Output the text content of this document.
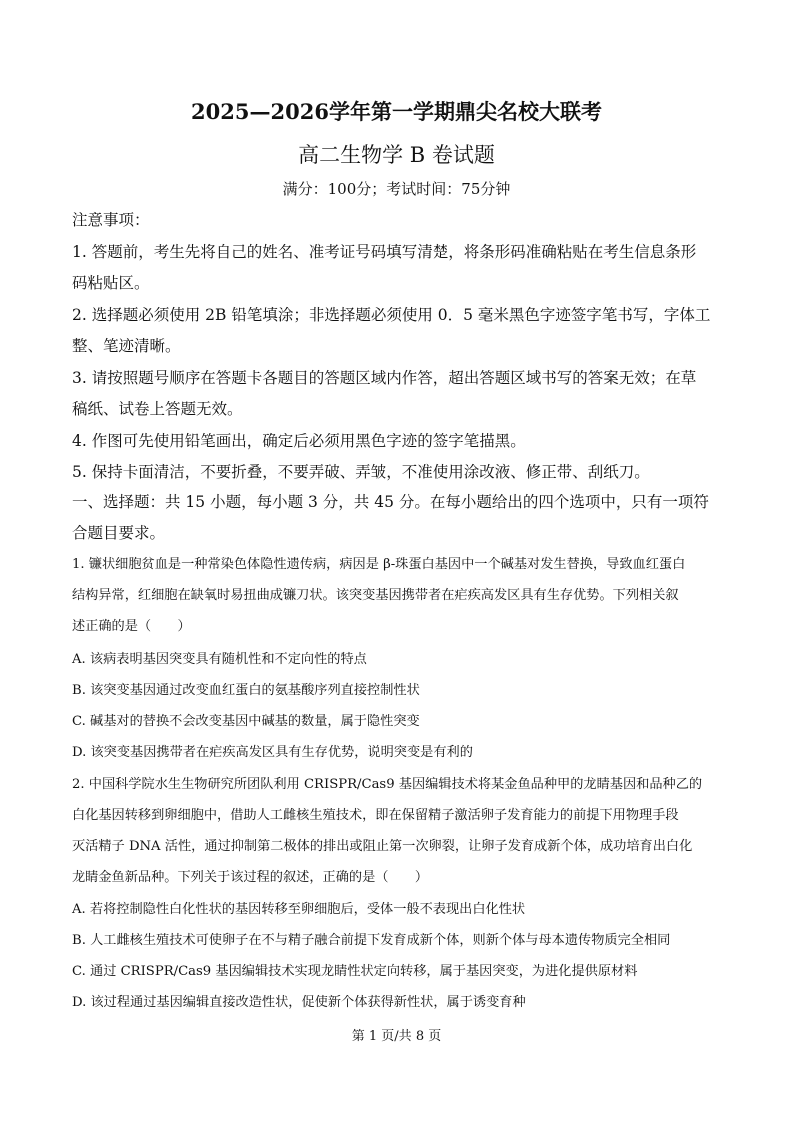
2025—2026学年第一学期鼎尖名校大联考
高二生物学 B 卷试题
满分：100分；考试时间：75分钟
注意事项：
1. 答题前，考生先将自己的姓名、准考证号码填写清楚，将条形码准确粘贴在考生信息条形
码粘贴区。
2. 选择题必须使用 2B 铅笔填涂；非选择题必须使用 0．5 毫米黑色字迹签字笔书写，字体工
整、笔迹清晰。
3. 请按照题号顺序在答题卡各题目的答题区域内作答，超出答题区域书写的答案无效；在草
稿纸、试卷上答题无效。
4. 作图可先使用铅笔画出，确定后必须用黑色字迹的签字笔描黑。
5. 保持卡面清洁，不要折叠，不要弄破、弄皱，不准使用涂改液、修正带、刮纸刀。
一、选择题：共 15 小题，每小题 3 分，共 45 分。在每小题给出的四个选项中，只有一项符
合题目要求。
1. 镰状细胞贫血是一种常染色体隐性遗传病，病因是 β-珠蛋白基因中一个碱基对发生替换，导致血红蛋白
结构异常，红细胞在缺氧时易扭曲成镰刀状。该突变基因携带者在疟疾高发区具有生存优势。下列相关叙
述正确的是（　　）
A. 该病表明基因突变具有随机性和不定向性的特点
B. 该突变基因通过改变血红蛋白的氨基酸序列直接控制性状
C. 碱基对的替换不会改变基因中碱基的数量，属于隐性突变
D. 该突变基因携带者在疟疾高发区具有生存优势，说明突变是有利的
2. 中国科学院水生生物研究所团队利用 CRISPR/Cas9 基因编辑技术将某金鱼品种甲的龙睛基因和品种乙的
白化基因转移到卵细胞中，借助人工雌核生殖技术，即在保留精子激活卵子发育能力的前提下用物理手段
灭活精子 DNA 活性，通过抑制第二极体的排出或阻止第一次卵裂，让卵子发育成新个体，成功培育出白化
龙睛金鱼新品种。下列关于该过程的叙述，正确的是（　　）
A. 若将控制隐性白化性状的基因转移至卵细胞后，受体一般不表现出白化性状
B. 人工雌核生殖技术可使卵子在不与精子融合前提下发育成新个体，则新个体与母本遗传物质完全相同
C. 通过 CRISPR/Cas9 基因编辑技术实现龙睛性状定向转移，属于基因突变，为进化提供原材料
D. 该过程通过基因编辑直接改造性状，促使新个体获得新性状，属于诱变育种
第 1 页/共 8 页
